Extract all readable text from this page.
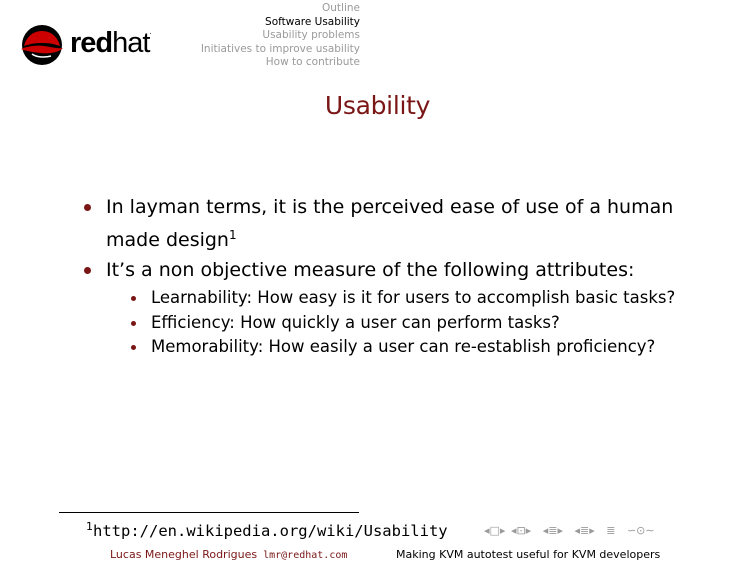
redhat.
Outline
Software Usability
Usability problems
Initiatives to improve usability
How to contribute
Usability
In layman terms, it is the perceived ease of use of a human
made design$^1$
It’s a non objective measure of the following attributes:
Learnability: How easy is it for users to accomplish basic tasks?
Efficiency: How quickly a user can perform tasks?
Memorability: How easily a user can re-establish proficiency?
$^1$http://en.wikipedia.org/wiki/Usability	◂□▸ ◂⊡▸ ◂≣▸ ◂≣▸ ≣ ∽⊙∼
Lucas Meneghel Rodrigues lmr@redhat.com	Making KVM autotest useful for KVM developers
